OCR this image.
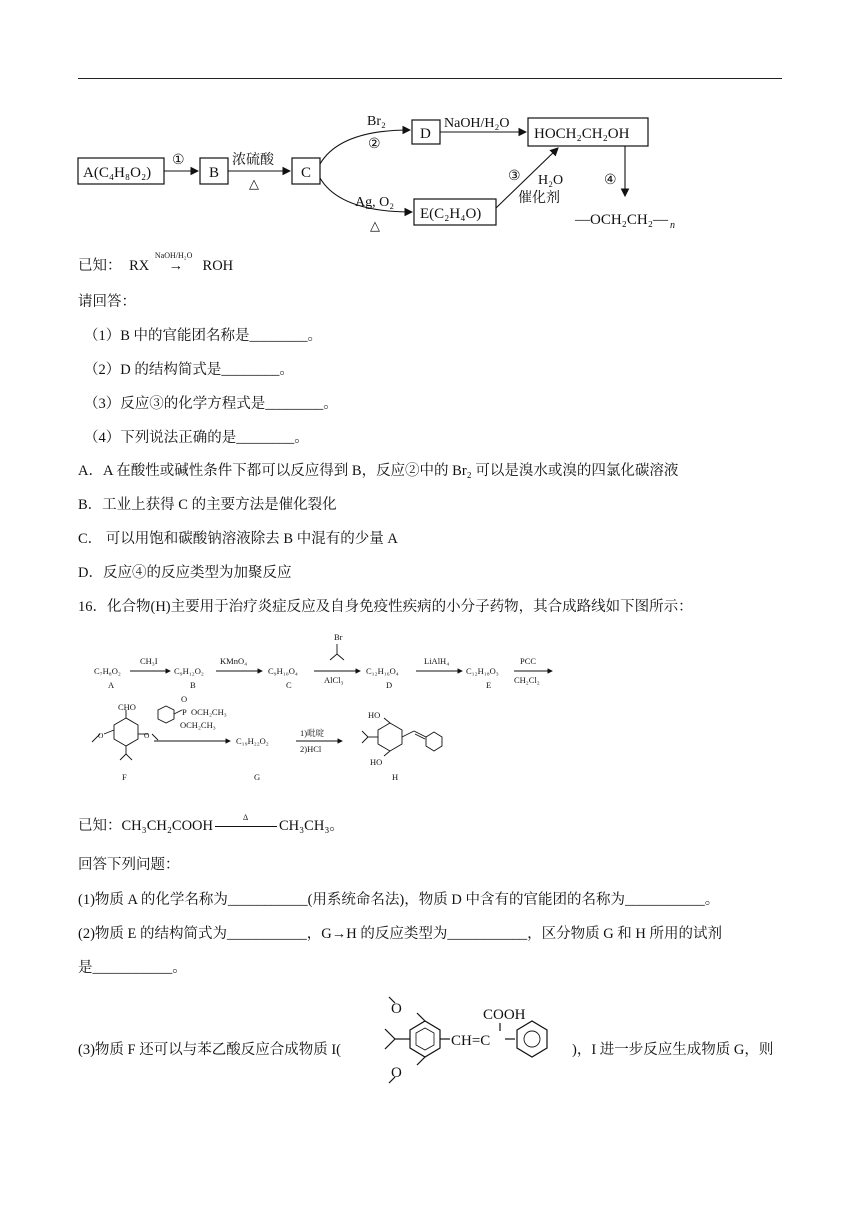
A(C₄H₈O₂)
①
B
浓硫酸
△
C
Br₂
②
D
NaOH/H₂O
HOCH₂CH₂OH
Ag, O₂
△
E(C₂H₄O)
③ H₂O
催化剂
④
—OCH₂CH₂— n
已知： RX
NaOH/H₂O
→ ROH
请回答：
（1）B 中的官能团名称是________。
（2）D 的结构简式是________。
（3）反应③的化学方程式是________。
（4）下列说法正确的是________。
A．A 在酸性或碱性条件下都可以反应得到 B，反应②中的 Br₂ 可以是溴水或溴的四氯化碳溶液
B．工业上获得 C 的主要方法是催化裂化
C． 可以用饱和碳酸钠溶液除去 B 中混有的少量 A
D．反应④的反应类型为加聚反应
16．化合物(H)主要用于治疗炎症反应及自身免疫性疾病的小分子药物，其合成路线如下图所示：
C₇H₈O₂
A
CH₃I
C₉H₁₂O₂
B
KMnO₄
C₉H₁₀O₄
C
Br
AlCl₃
C₁₂H₁₆O₄
D
LiAlH₄
C₁₂H₁₈O₃
E
PCC
CH₂Cl₂
CHO
O	O
F
P
O
OCH₂CH₃
OCH₂CH₃
C₁₉H₂₂O₂
G
1)吡啶
2)HCl
HO
HO
H
已知：CH₃CH₂COOH
Δ
CH₃CH₃。
回答下列问题：
(1)物质 A 的化学名称为___________(用系统命名法)，物质 D 中含有的官能团的名称为___________。
(2)物质 E 的结构简式为___________，G→H 的反应类型为___________，区分物质 G 和 H 所用的试剂
是___________。
(3)物质 F 还可以与苯乙酸反应合成物质 I(	)，I 进一步反应生成物质 G，则
O
O
CH=C
COOH
